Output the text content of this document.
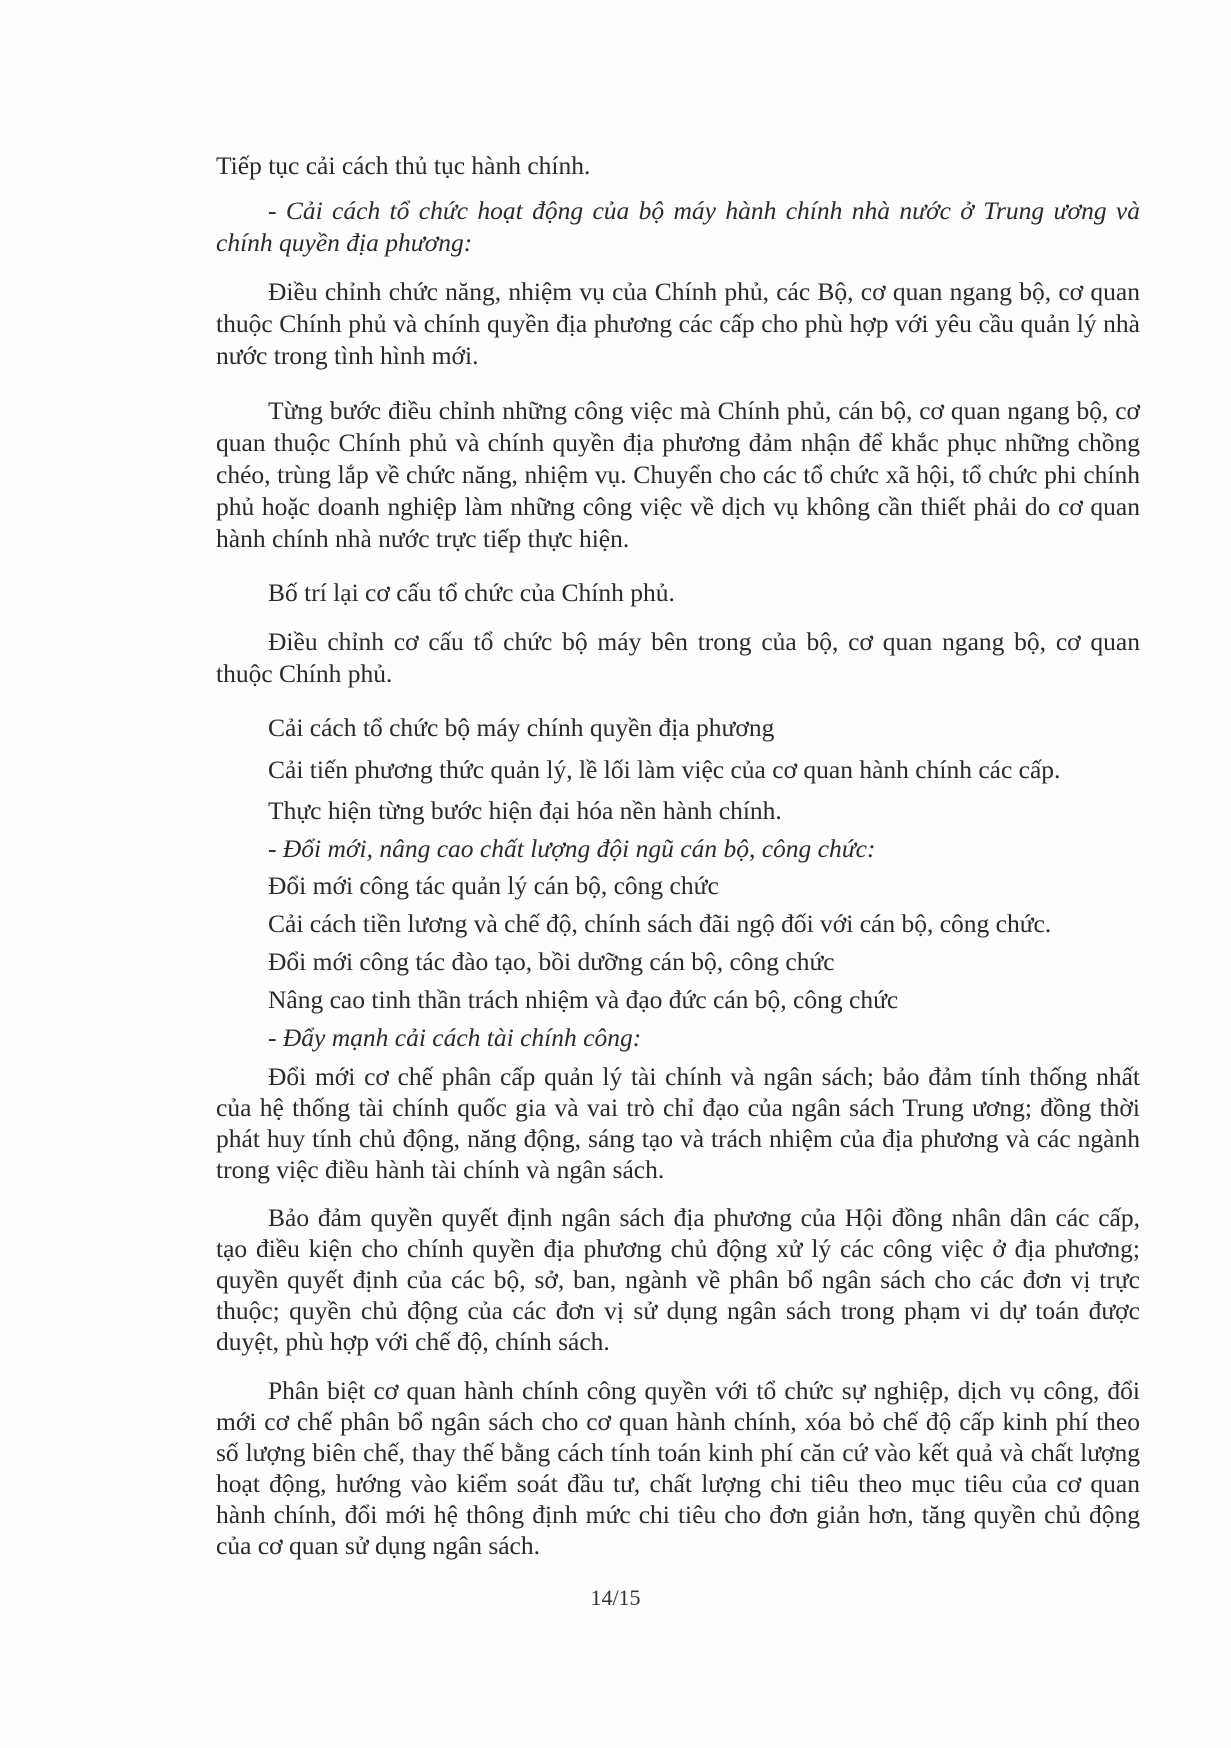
Tiếp tục cải cách thủ tục hành chính.

- Cải cách tổ chức hoạt động của bộ máy hành chính nhà nước ở Trung ương và chính quyền địa phương:

Điều chỉnh chức năng, nhiệm vụ của Chính phủ, các Bộ, cơ quan ngang bộ, cơ quan thuộc Chính phủ và chính quyền địa phương các cấp cho phù hợp với yêu cầu quản lý nhà nước trong tình hình mới.

Từng bước điều chỉnh những công việc mà Chính phủ, cán bộ, cơ quan ngang bộ, cơ quan thuộc Chính phủ và chính quyền địa phương đảm nhận để khắc phục những chồng chéo, trùng lắp về chức năng, nhiệm vụ. Chuyển cho các tổ chức xã hội, tổ chức phi chính phủ hoặc doanh nghiệp làm những công việc về dịch vụ không cần thiết phải do cơ quan hành chính nhà nước trực tiếp thực hiện.

Bố trí lại cơ cấu tổ chức của Chính phủ.

Điều chỉnh cơ cấu tổ chức bộ máy bên trong của bộ, cơ quan ngang bộ, cơ quan thuộc Chính phủ.

Cải cách tổ chức bộ máy chính quyền địa phương

Cải tiến phương thức quản lý, lề lối làm việc của cơ quan hành chính các cấp.

Thực hiện từng bước hiện đại hóa nền hành chính.

- Đổi mới, nâng cao chất lượng đội ngũ cán bộ, công chức:

Đổi mới công tác quản lý cán bộ, công chức

Cải cách tiền lương và chế độ, chính sách đãi ngộ đối với cán bộ, công chức.

Đổi mới công tác đào tạo, bồi dưỡng cán bộ, công chức

Nâng cao tinh thần trách nhiệm và đạo đức cán bộ, công chức

- Đẩy mạnh cải cách tài chính công:

Đổi mới cơ chế phân cấp quản lý tài chính và ngân sách; bảo đảm tính thống nhất của hệ thống tài chính quốc gia và vai trò chỉ đạo của ngân sách Trung ương; đồng thời phát huy tính chủ động, năng động, sáng tạo và trách nhiệm của địa phương và các ngành trong việc điều hành tài chính và ngân sách.

Bảo đảm quyền quyết định ngân sách địa phương của Hội đồng nhân dân các cấp, tạo điều kiện cho chính quyền địa phương chủ động xử lý các công việc ở địa phương; quyền quyết định của các bộ, sở, ban, ngành về phân bổ ngân sách cho các đơn vị trực thuộc; quyền chủ động của các đơn vị sử dụng ngân sách trong phạm vi dự toán được duyệt, phù hợp với chế độ, chính sách.

Phân biệt cơ quan hành chính công quyền với tổ chức sự nghiệp, dịch vụ công, đổi mới cơ chế phân bổ ngân sách cho cơ quan hành chính, xóa bỏ chế độ cấp kinh phí theo số lượng biên chế, thay thế bằng cách tính toán kinh phí căn cứ vào kết quả và chất lượng hoạt động, hướng vào kiểm soát đầu tư, chất lượng chi tiêu theo mục tiêu của cơ quan hành chính, đổi mới hệ thông định mức chi tiêu cho đơn giản hơn, tăng quyền chủ động của cơ quan sử dụng ngân sách.

14/15
